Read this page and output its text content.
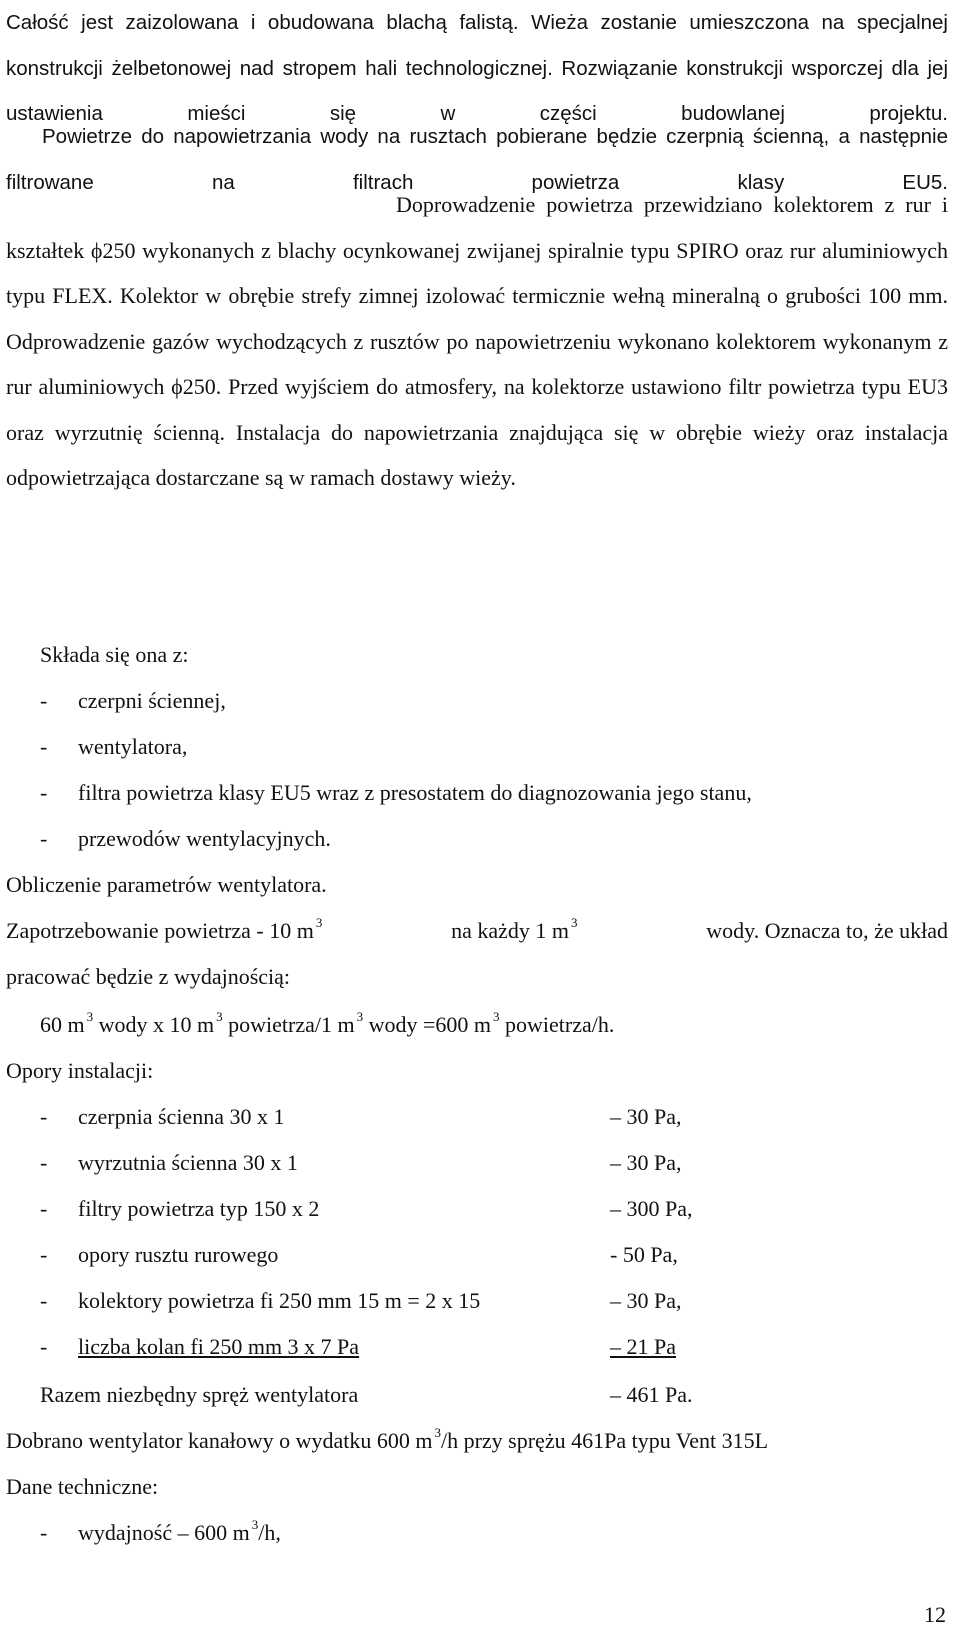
Całość jest zaizolowana i obudowana blachą falistą. Wieża zostanie umieszczona na specjalnej konstrukcji żelbetonowej nad stropem hali technologicznej. Rozwiązanie konstrukcji wsporczej dla jej ustawienia mieści się w części budowlanej projektu.

Powietrze do napowietrzania wody na rusztach pobierane będzie czerpnią ścienną, a następnie filtrowane na filtrach powietrza klasy EU5.

Doprowadzenie powietrza przewidziano kolektorem z rur i kształtek ϕ250 wykonanych z blachy ocynkowanej zwijanej spiralnie typu SPIRO oraz rur aluminiowych typu FLEX. Kolektor w obrębie strefy zimnej izolować termicznie wełną mineralną o grubości 100 mm. Odprowadzenie gazów wychodzących z rusztów po napowietrzeniu wykonano kolektorem wykonanym z rur aluminiowych ϕ250. Przed wyjściem do atmosfery, na kolektorze ustawiono filtr powietrza typu EU3 oraz wyrzutnię ścienną. Instalacja do napowietrzania znajdująca się w obrębie wieży oraz instalacja odpowietrzająca dostarczane są w ramach dostawy wieży.

Składa się ona z:
- czerpni ściennej,
- wentylatora,
- filtra powietrza klasy EU5 wraz z presostatem do diagnozowania jego stanu,
- przewodów wentylacyjnych.
Obliczenie parametrów wentylatora.
Zapotrzebowanie powietrza - 10 m $^3$	na każdy 1 m $^3$	wody. Oznacza to, że układ
pracować będzie z wydajnością:
60 m $^3$ wody x 10 m $^3$ powietrza/1 m $^3$ wody =600 m $^3$ powietrza/h.
Opory instalacji:
- czerpnia ścienna 30 x 1	– 30 Pa,
- wyrzutnia ścienna 30 x 1	– 30 Pa,
- filtry powietrza typ 150 x 2	– 300 Pa,
- opory rusztu rurowego	- 50 Pa,
- kolektory powietrza fi 250 mm 15 m = 2 x 15	– 30 Pa,
- liczba kolan fi 250 mm 3 x 7 Pa	– 21 Pa
Razem niezbędny spręż wentylatora	– 461 Pa.
Dobrano wentylator kanałowy o wydatku 600 m $^3$/h przy sprężu 461Pa typu Vent 315L
Dane techniczne:
- wydajność – 600 m $^3$/h,
12
